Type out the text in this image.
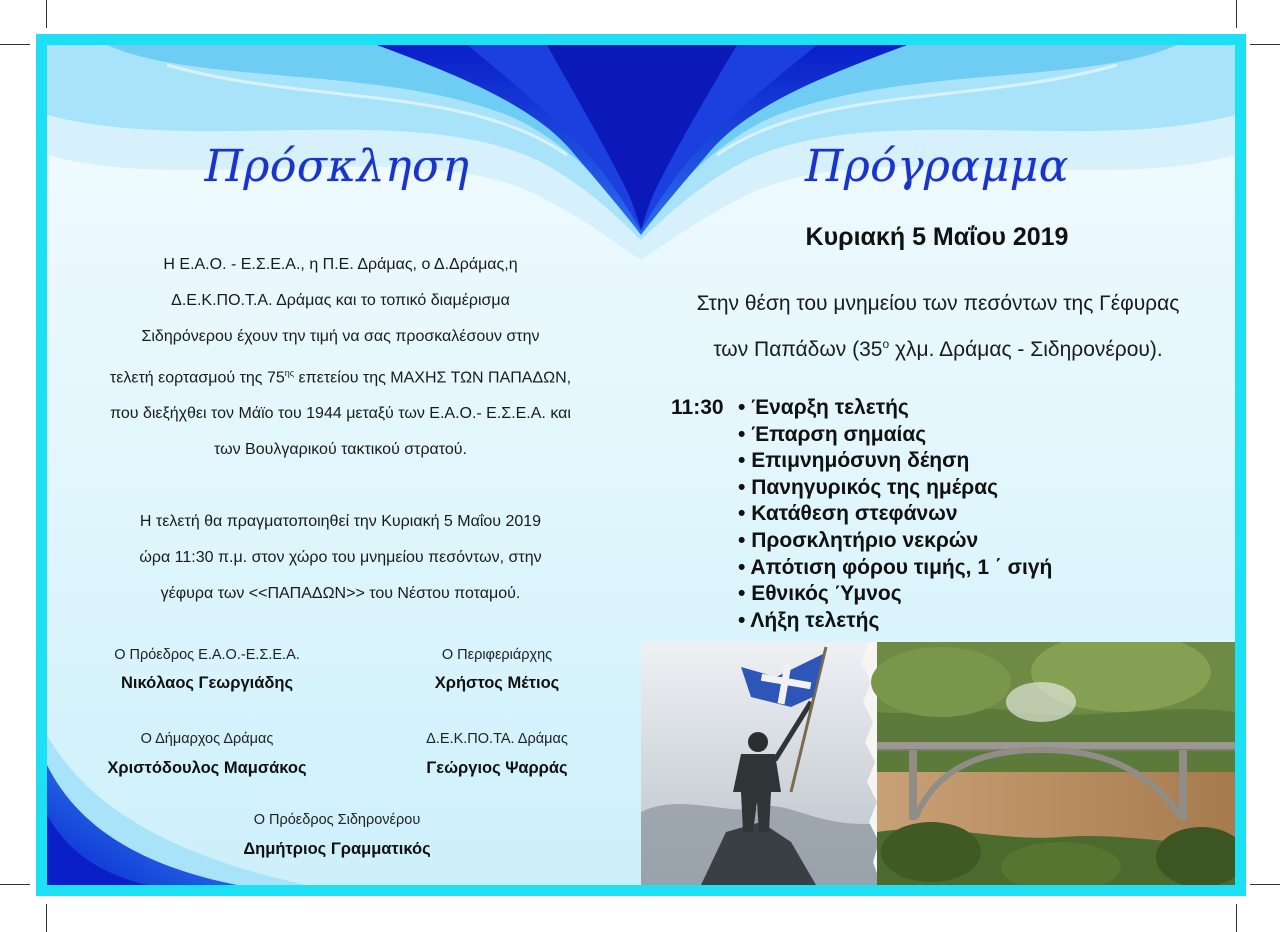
Πρόσκληση

Η Ε.Α.Ο. - Ε.Σ.Ε.Α., η Π.Ε. Δράμας, ο Δ.Δράμας,η

Δ.Ε.Κ.ΠΟ.Τ.Α. Δράμας και το τοπικό διαμέρισμα

Σιδηρόνερου έχουν την τιμή να σας προσκαλέσουν στην

τελετή εορτασμού της $75^{\eta\varsigma}$ επετείου της ΜΑΧΗΣ ΤΩΝ ΠΑΠΑΔΩΝ,

που διεξήχθει τον Μάϊο του 1944 μεταξύ των Ε.Α.Ο.- Ε.Σ.Ε.Α. και

των Βουλγαρικού τακτικού στρατού.

Η τελετή θα πραγματοποιηθεί την Κυριακή 5 Μαΐου 2019

ώρα 11:30 π.μ. στον χώρο του μνημείου πεσόντων, στην

γέφυρα των <<ΠΑΠΑΔΩΝ>> του Νέστου ποταμού.

Ο Πρόεδρος Ε.Α.Ο.-Ε.Σ.Ε.Α.
Νικόλαος Γεωργιάδης
Ο Περιφεριάρχης
Χρήστος Μέτιος
Ο Δήμαρχος Δράμας
Χριστόδουλος Μαμσάκος
Δ.Ε.Κ.ΠΟ.ΤΑ. Δράμας
Γεώργιος Ψαρράς
Ο Πρόεδρος Σιδηρονέρου
Δημήτριος Γραμματικός
Πρόγραμμα
Κυριακή 5 Μαΐου 2019
Στην θέση του μνημείου των πεσόντων της Γέφυρας
των Παπάδων ($35^o$ χλμ. Δράμας - Σιδηρονέρου).
11:30 • Έναρξη τελετής
• Έπαρση σημαίας
• Επιμνημόσυνη δέηση
• Πανηγυρικός της ημέρας
• Κατάθεση στεφάνων
• Προσκλητήριο νεκρών
• Απότιση φόρου τιμής, 1 ΄ σιγή
• Εθνικός Ύμνος
• Λήξη τελετής
